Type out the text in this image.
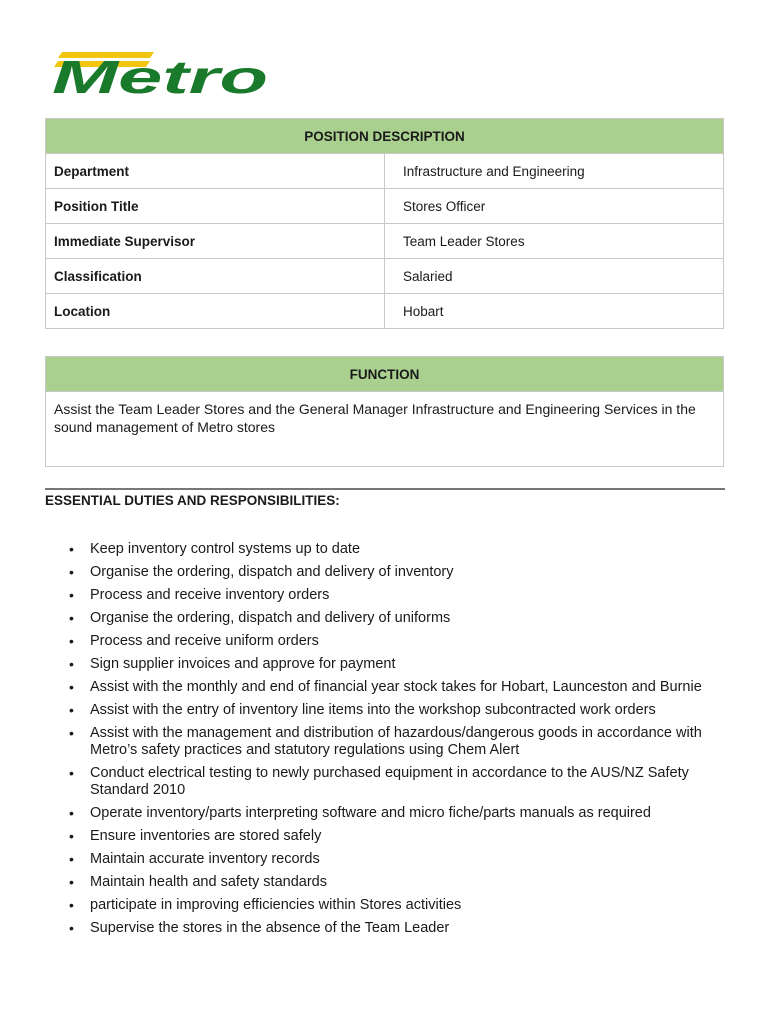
Metro
POSITION DESCRIPTION	
Department	Infrastructure and Engineering
Position Title	Stores Officer
Immediate Supervisor	Team Leader Stores
Classification	Salaried
Location	Hobart
FUNCTION
Assist the Team Leader Stores and the General Manager Infrastructure and Engineering Services in the sound management of Metro stores
ESSENTIAL DUTIES AND RESPONSIBILITIES:
• Keep inventory control systems up to date
• Organise the ordering, dispatch and delivery of inventory
• Process and receive inventory orders
• Organise the ordering, dispatch and delivery of uniforms
• Process and receive uniform orders
• Sign supplier invoices and approve for payment
• Assist with the monthly and end of financial year stock takes for Hobart, Launceston and Burnie
• Assist with the entry of inventory line items into the workshop subcontracted work orders
• Assist with the management and distribution of hazardous/dangerous goods in accordance with Metro’s safety practices and statutory regulations using Chem Alert
• Conduct electrical testing to newly purchased equipment in accordance to the AUS/NZ Safety Standard 2010
• Operate inventory/parts interpreting software and micro fiche/parts manuals as required
• Ensure inventories are stored safely
• Maintain accurate inventory records
• Maintain health and safety standards
• participate in improving efficiencies within Stores activities
• Supervise the stores in the absence of the Team Leader
